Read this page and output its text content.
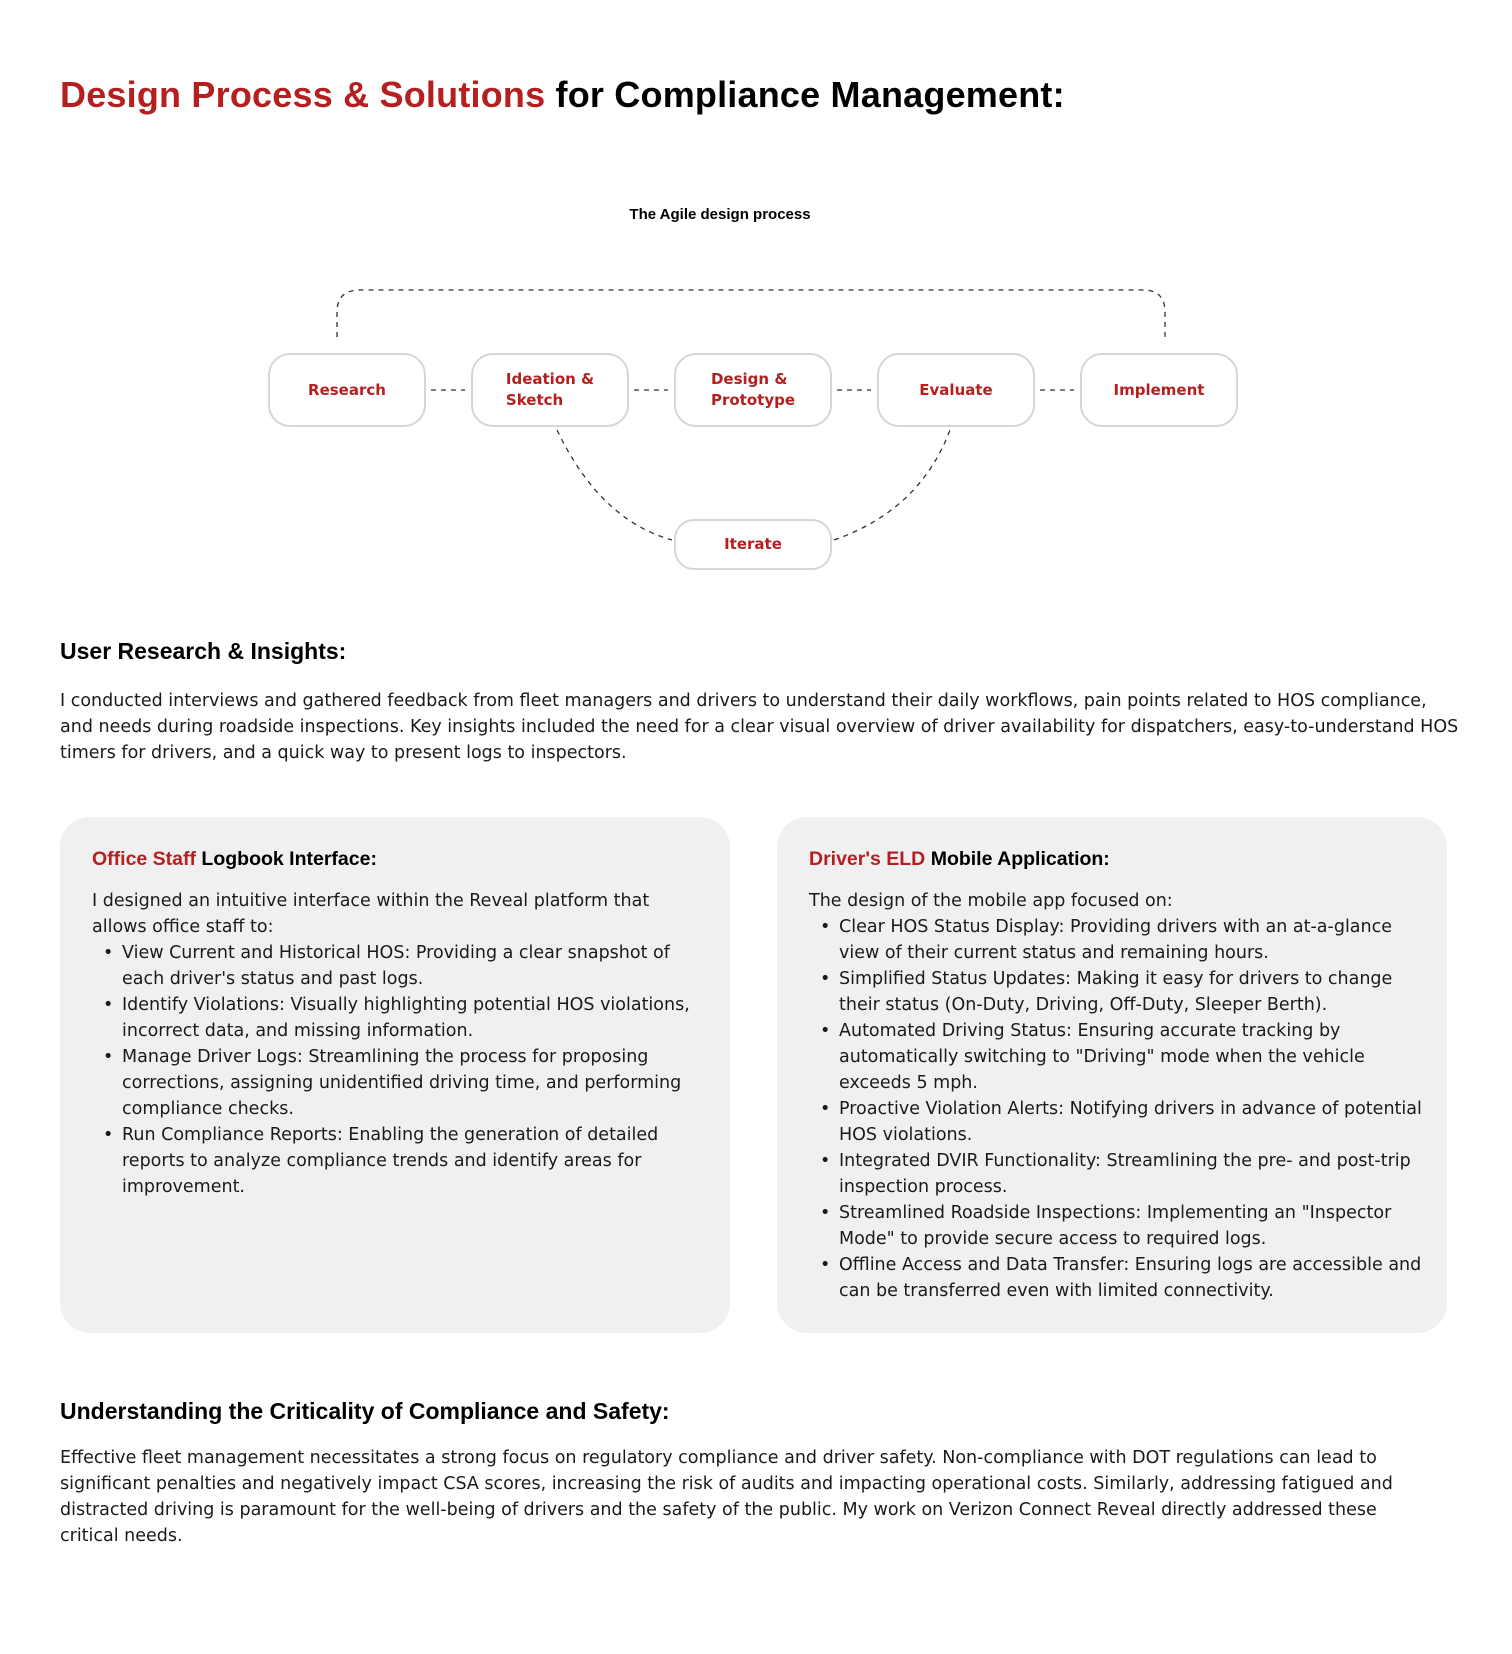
Design Process & Solutions for Compliance Management:
The Agile design process
Research
Ideation &
Sketch
Design &
Prototype
Evaluate	Implement
Iterate
User Research & Insights:

I conducted interviews and gathered feedback from fleet managers and drivers to understand their daily workflows, pain points related to HOS compliance, and needs during roadside inspections. Key insights included the need for a clear visual overview of driver availability for dispatchers, easy-to-understand HOS timers for drivers, and a quick way to present logs to inspectors.

Office Staff Logbook Interface:

I designed an intuitive interface within the Reveal platform that allows office staff to:

• View Current and Historical HOS: Providing a clear snapshot of each driver's status and past logs.
• Identify Violations: Visually highlighting potential HOS violations, incorrect data, and missing information.
• Manage Driver Logs: Streamlining the process for proposing corrections, assigning unidentified driving time, and performing compliance checks.
• Run Compliance Reports: Enabling the generation of detailed reports to analyze compliance trends and identify areas for improvement.
Driver's ELD Mobile Application:

The design of the mobile app focused on:

• Clear HOS Status Display: Providing drivers with an at-a-glance view of their current status and remaining hours.
• Simplified Status Updates: Making it easy for drivers to change their status (On-Duty, Driving, Off-Duty, Sleeper Berth).
• Automated Driving Status: Ensuring accurate tracking by automatically switching to "Driving" mode when the vehicle exceeds 5 mph.
• Proactive Violation Alerts: Notifying drivers in advance of potential HOS violations.
• Integrated DVIR Functionality: Streamlining the pre- and post-trip inspection process.
• Streamlined Roadside Inspections: Implementing an "Inspector Mode" to provide secure access to required logs.
• Offline Access and Data Transfer: Ensuring logs are accessible and can be transferred even with limited connectivity.
Understanding the Criticality of Compliance and Safety:

Effective fleet management necessitates a strong focus on regulatory compliance and driver safety. Non-compliance with DOT regulations can lead to significant penalties and negatively impact CSA scores, increasing the risk of audits and impacting operational costs. Similarly, addressing fatigued and distracted driving is paramount for the well-being of drivers and the safety of the public. My work on Verizon Connect Reveal directly addressed these critical needs.
